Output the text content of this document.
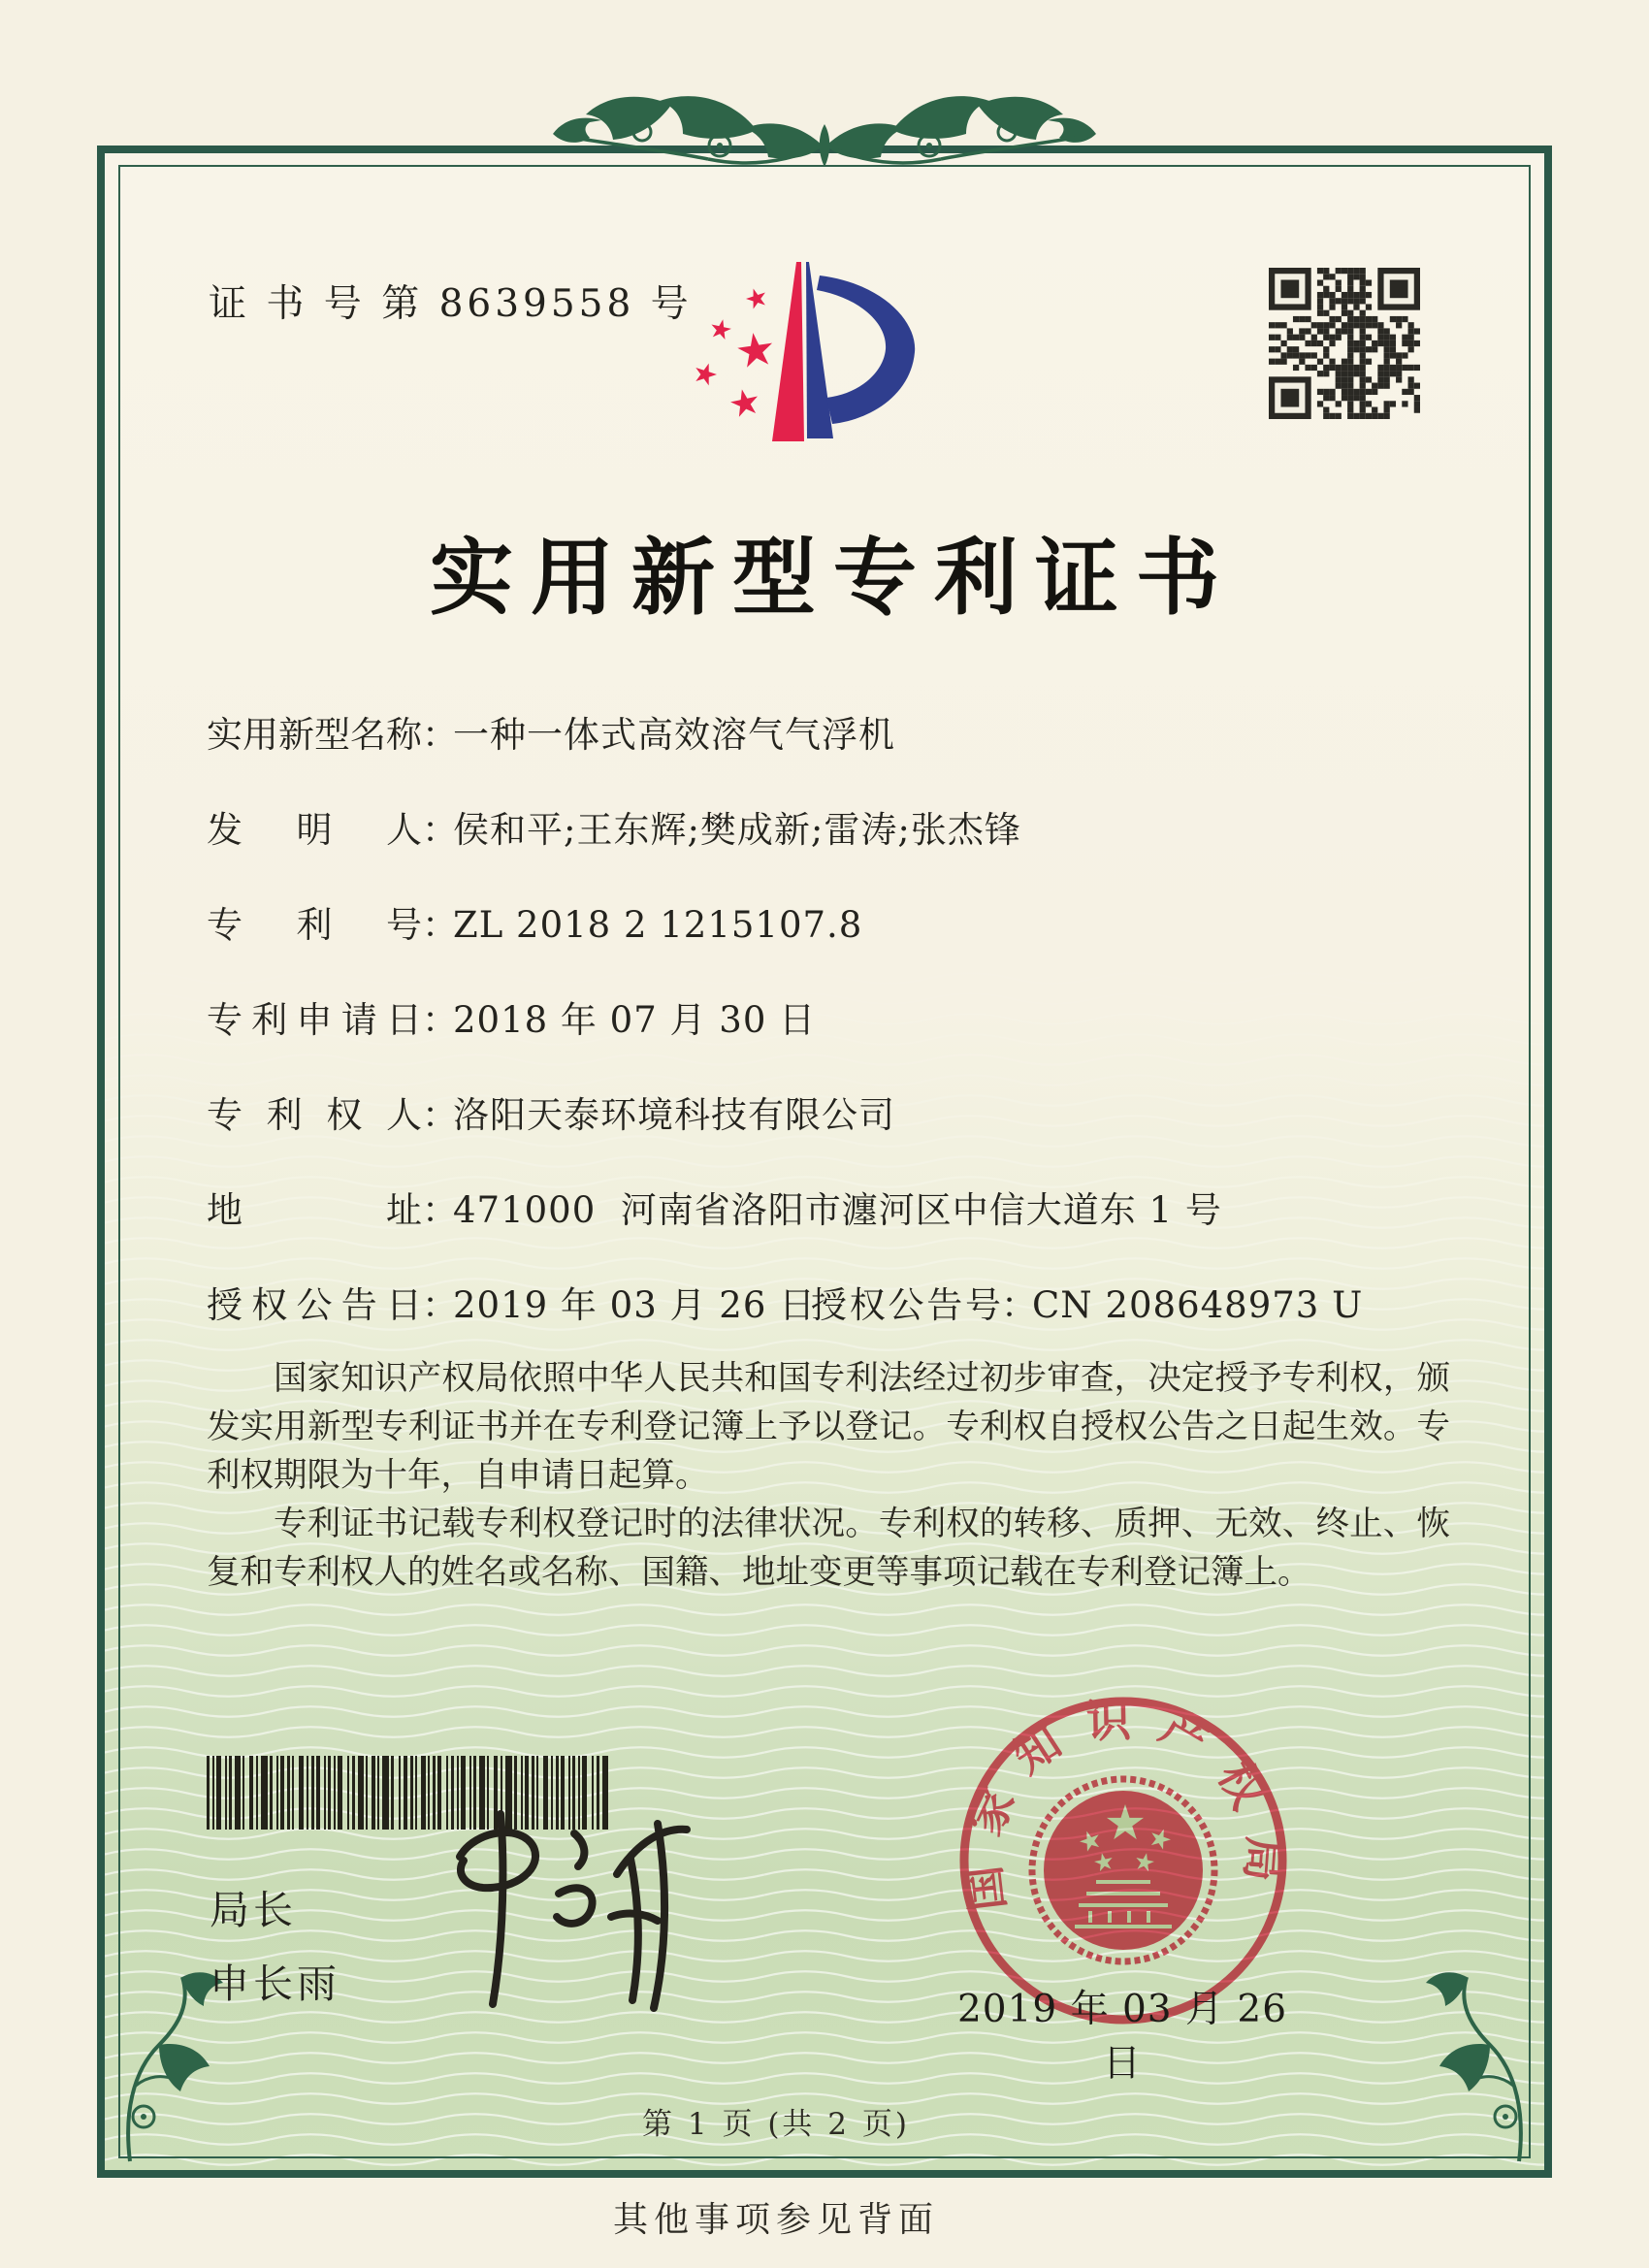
证 书 号 第 8639558 号
实用新型专利证书
实用新型名称：一种一体式高效溶气气浮机
发明人：侯和平;王东辉;樊成新;雷涛;张杰锋
专利号：ZL 2018 2 1215107.8
专利申请日：2018 年 07 月 30 日
专利权人：洛阳天泰环境科技有限公司
地址：471000  河南省洛阳市瀍河区中信大道东 1 号
授权公告日：2019 年 03 月 26 日
授权公告号：CN 208648973 U
国家知识产权局依照中华人民共和国专利法经过初步审查，决定授予专利权，颁发实用新型专利证书并在专利登记簿上予以登记。专利权自授权公告之日起生效。专利权期限为十年，自申请日起算。
专利证书记载专利权登记时的法律状况。专利权的转移、质押、无效、终止、恢复和专利权人的姓名或名称、国籍、地址变更等事项记载在专利登记簿上。
局长
申长雨
国家知识产权局
2019 年 03 月 26 日
第 1 页 (共 2 页)
其他事项参见背面
